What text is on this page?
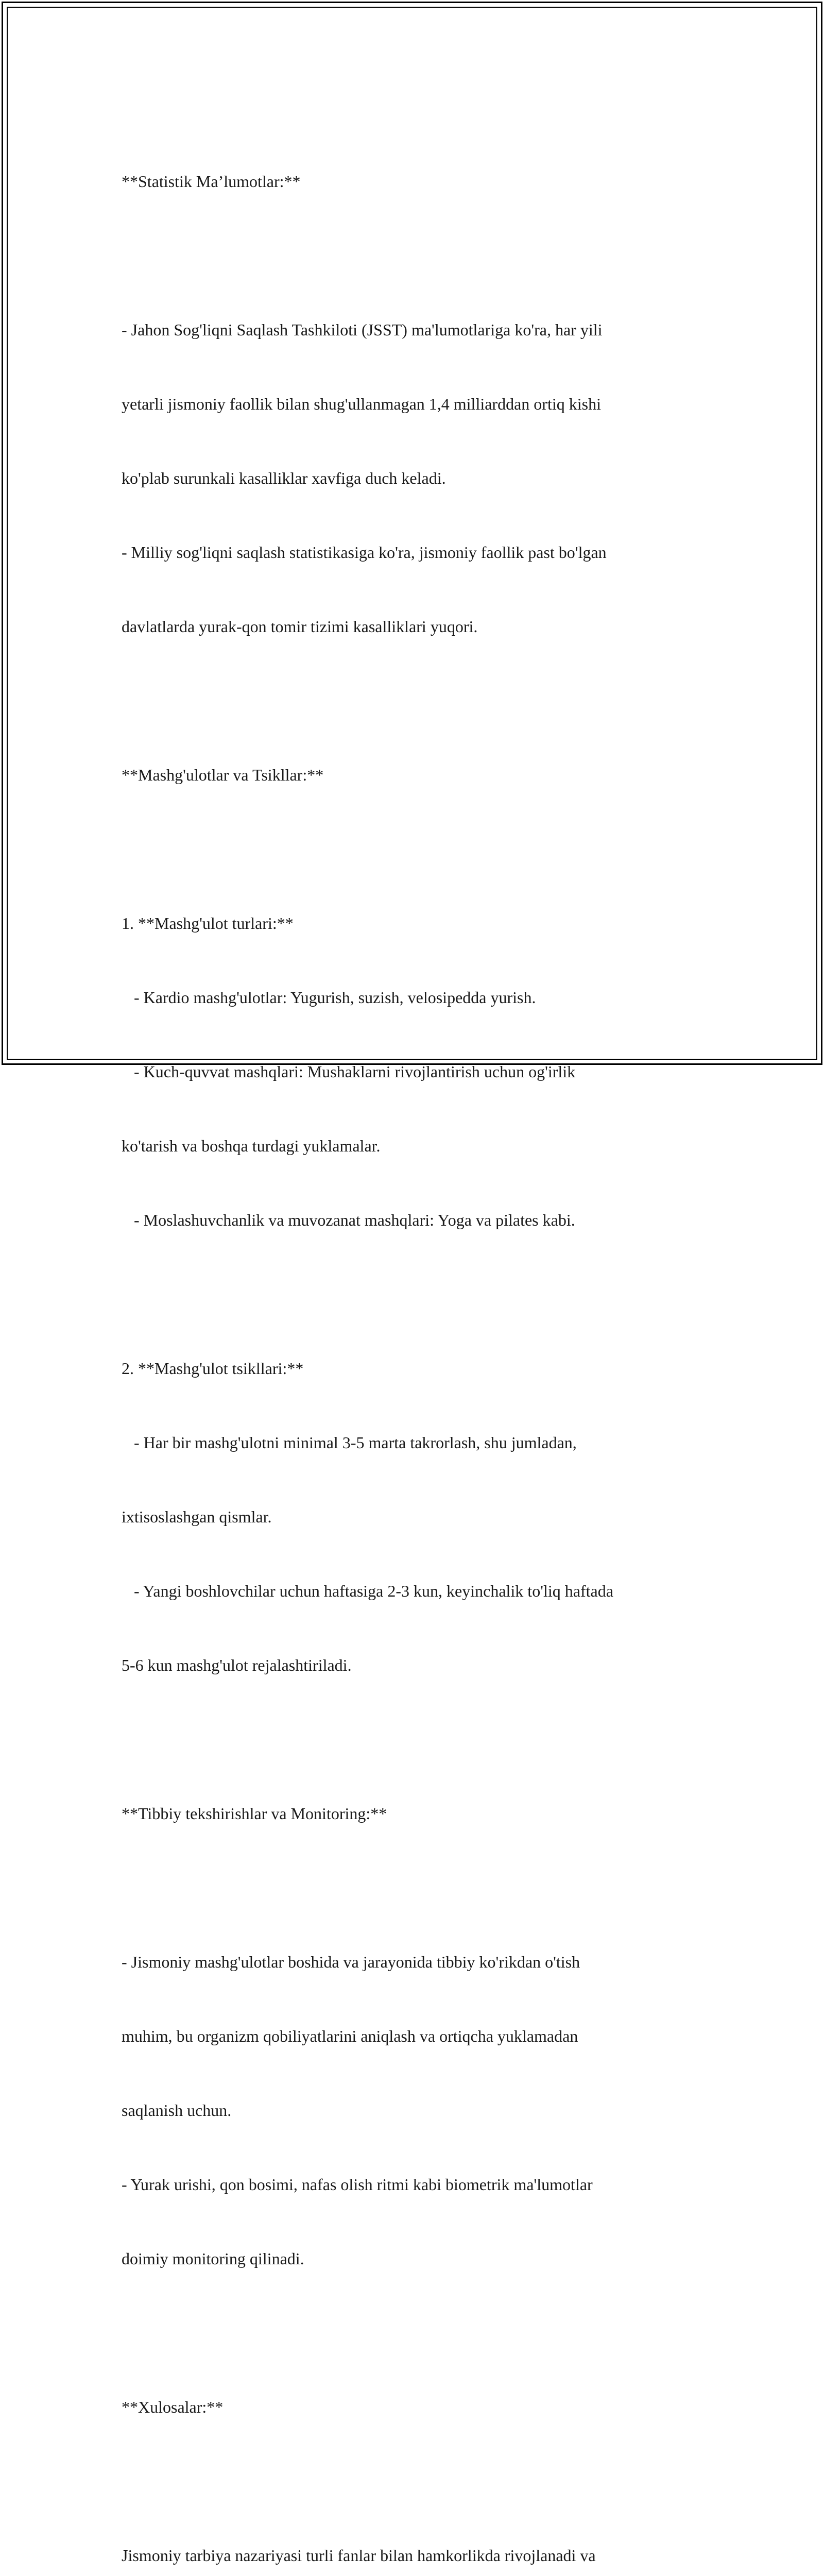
**Statistik Ma’lumotlar:**

- Jahon Sog'liqni Saqlash Tashkiloti (JSST) ma'lumotlariga ko'ra, har yili

yetarli jismoniy faollik bilan shug'ullanmagan 1,4 milliarddan ortiq kishi

ko'plab surunkali kasalliklar xavfiga duch keladi.

- Milliy sog'liqni saqlash statistikasiga ko'ra, jismoniy faollik past bo'lgan

davlatlarda yurak-qon tomir tizimi kasalliklari yuqori.

**Mashg'ulotlar va Tsikllar:**

1. **Mashg'ulot turlari:**

- Kardio mashg'ulotlar: Yugurish, suzish, velosipedda yurish.

- Kuch-quvvat mashqlari: Mushaklarni rivojlantirish uchun og'irlik

ko'tarish va boshqa turdagi yuklamalar.

- Moslashuvchanlik va muvozanat mashqlari: Yoga va pilates kabi.

2. **Mashg'ulot tsikllari:**

- Har bir mashg'ulotni minimal 3-5 marta takrorlash, shu jumladan,

ixtisoslashgan qismlar.

- Yangi boshlovchilar uchun haftasiga 2-3 kun, keyinchalik to'liq haftada

5-6 kun mashg'ulot rejalashtiriladi.

**Tibbiy tekshirishlar va Monitoring:**

- Jismoniy mashg'ulotlar boshida va jarayonida tibbiy ko'rikdan o'tish

muhim, bu organizm qobiliyatlarini aniqlash va ortiqcha yuklamadan

saqlanish uchun.

- Yurak urishi, qon bosimi, nafas olish ritmi kabi biometrik ma'lumotlar

doimiy monitoring qilinadi.

**Xulosalar:**

Jismoniy tarbiya nazariyasi turli fanlar bilan hamkorlikda rivojlanadi va
